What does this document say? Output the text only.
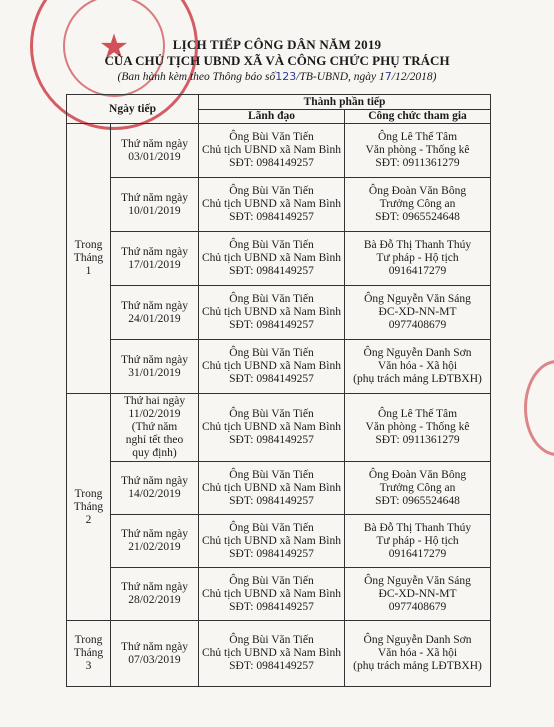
★	LỊCH TIẾP CÔNG DÂN NĂM 2019
CỦA CHỦ TỊCH UBND XÃ VÀ CÔNG CHỨC PHỤ TRÁCH
(Ban hành kèm theo Thông báo số123/TB-UBND, ngày 17/12/2018)
Ngày tiếp		Thành phần tiếp	
		Lãnh đạo	Công chức tham gia

Trong
Tháng
1	Thứ năm ngày
03/01/2019	Ông Bùi Văn Tiến
Chủ tịch UBND xã Nam Bình
SĐT: 0984149257	Ông Lê Thế Tâm
Văn phòng - Thống kê
SĐT: 0911361279

	Thứ năm ngày
10/01/2019	Ông Bùi Văn Tiến
Chủ tịch UBND xã Nam Bình
SĐT: 0984149257	Ông Đoàn Văn Bông
Trưởng Công an
SĐT: 0965524648

	Thứ năm ngày
17/01/2019	Ông Bùi Văn Tiến
Chủ tịch UBND xã Nam Bình
SĐT: 0984149257	Bà Đỗ Thị Thanh Thúy
Tư pháp - Hộ tịch
0916417279

	Thứ năm ngày
24/01/2019	Ông Bùi Văn Tiến
Chủ tịch UBND xã Nam Bình
SĐT: 0984149257	Ông Nguyễn Văn Sáng
ĐC-XD-NN-MT
0977408679

	Thứ năm ngày
31/01/2019	Ông Bùi Văn Tiến
Chủ tịch UBND xã Nam Bình
SĐT: 0984149257	Ông Nguyễn Danh Sơn
Văn hóa - Xã hội
(phụ trách mảng LĐTBXH)

Trong
Tháng
2	Thứ hai ngày
11/02/2019
(Thứ năm
nghỉ tết theo
quy định)	Ông Bùi Văn Tiến
Chủ tịch UBND xã Nam Bình
SĐT: 0984149257	Ông Lê Thế Tâm
Văn phòng - Thống kê
SĐT: 0911361279

	Thứ năm ngày
14/02/2019	Ông Bùi Văn Tiến
Chủ tịch UBND xã Nam Bình
SĐT: 0984149257	Ông Đoàn Văn Bông
Trưởng Công an
SĐT: 0965524648

	Thứ năm ngày
21/02/2019	Ông Bùi Văn Tiến
Chủ tịch UBND xã Nam Bình
SĐT: 0984149257	Bà Đỗ Thị Thanh Thúy
Tư pháp - Hộ tịch
0916417279

	Thứ năm ngày
28/02/2019	Ông Bùi Văn Tiến
Chủ tịch UBND xã Nam Bình
SĐT: 0984149257	Ông Nguyễn Văn Sáng
ĐC-XD-NN-MT
0977408679

Trong
Tháng
3	Thứ năm ngày
07/03/2019	Ông Bùi Văn Tiến
Chủ tịch UBND xã Nam Bình
SĐT: 0984149257	Ông Nguyễn Danh Sơn
Văn hóa - Xã hội
(phụ trách mảng LĐTBXH)
